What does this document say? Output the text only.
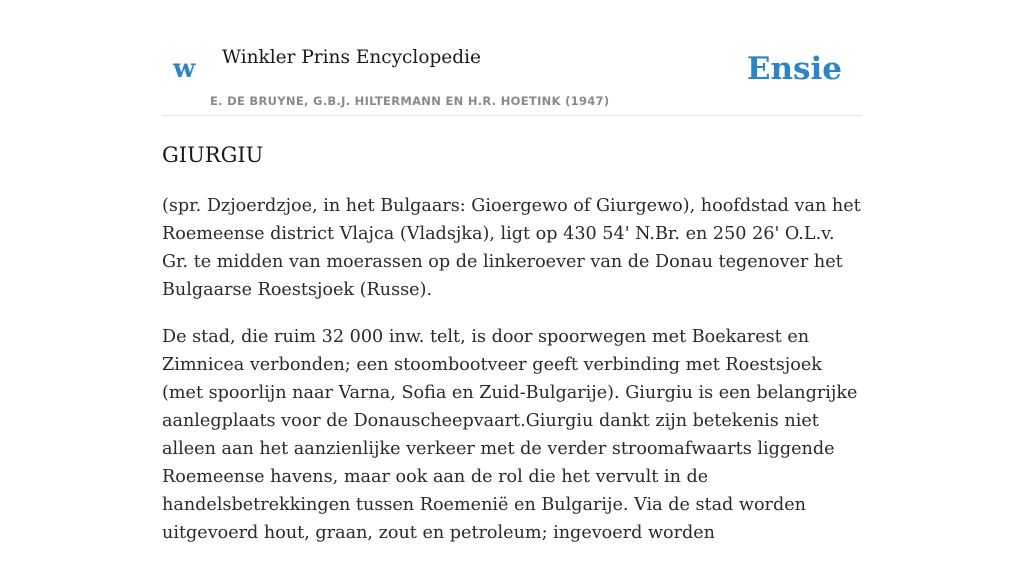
w Winkler Prins Encyclopedie
E. DE BRUYNE, G.B.J. HILTERMANN EN H.R. HOETINK (1947)
Ensie
GIURGIU

(spr. Dzjoerdzjoe, in het Bulgaars: Gioergewo of Giurgewo), hoofdstad van het Roemeense district Vlajca (Vladsjka), ligt op 430 54' N.Br. en 250 26' O.L.v. Gr. te midden van moerassen op de linkeroever van de Donau tegenover het Bulgaarse Roestsjoek (Russe).

De stad, die ruim 32 000 inw. telt, is door spoorwegen met Boekarest en Zimnicea verbonden; een stoombootveer geeft verbinding met Roestsjoek (met spoorlijn naar Varna, Sofia en Zuid-Bulgarije). Giurgiu is een belangrijke aanlegplaats voor de Donauscheepvaart.Giurgiu dankt zijn betekenis niet alleen aan het aanzienlijke verkeer met de verder stroomafwaarts liggende Roemeense havens, maar ook aan de rol die het vervult in de handelsbetrekkingen tussen Roemenië en Bulgarije. Via de stad worden uitgevoerd hout, graan, zout en petroleum; ingevoerd worden
